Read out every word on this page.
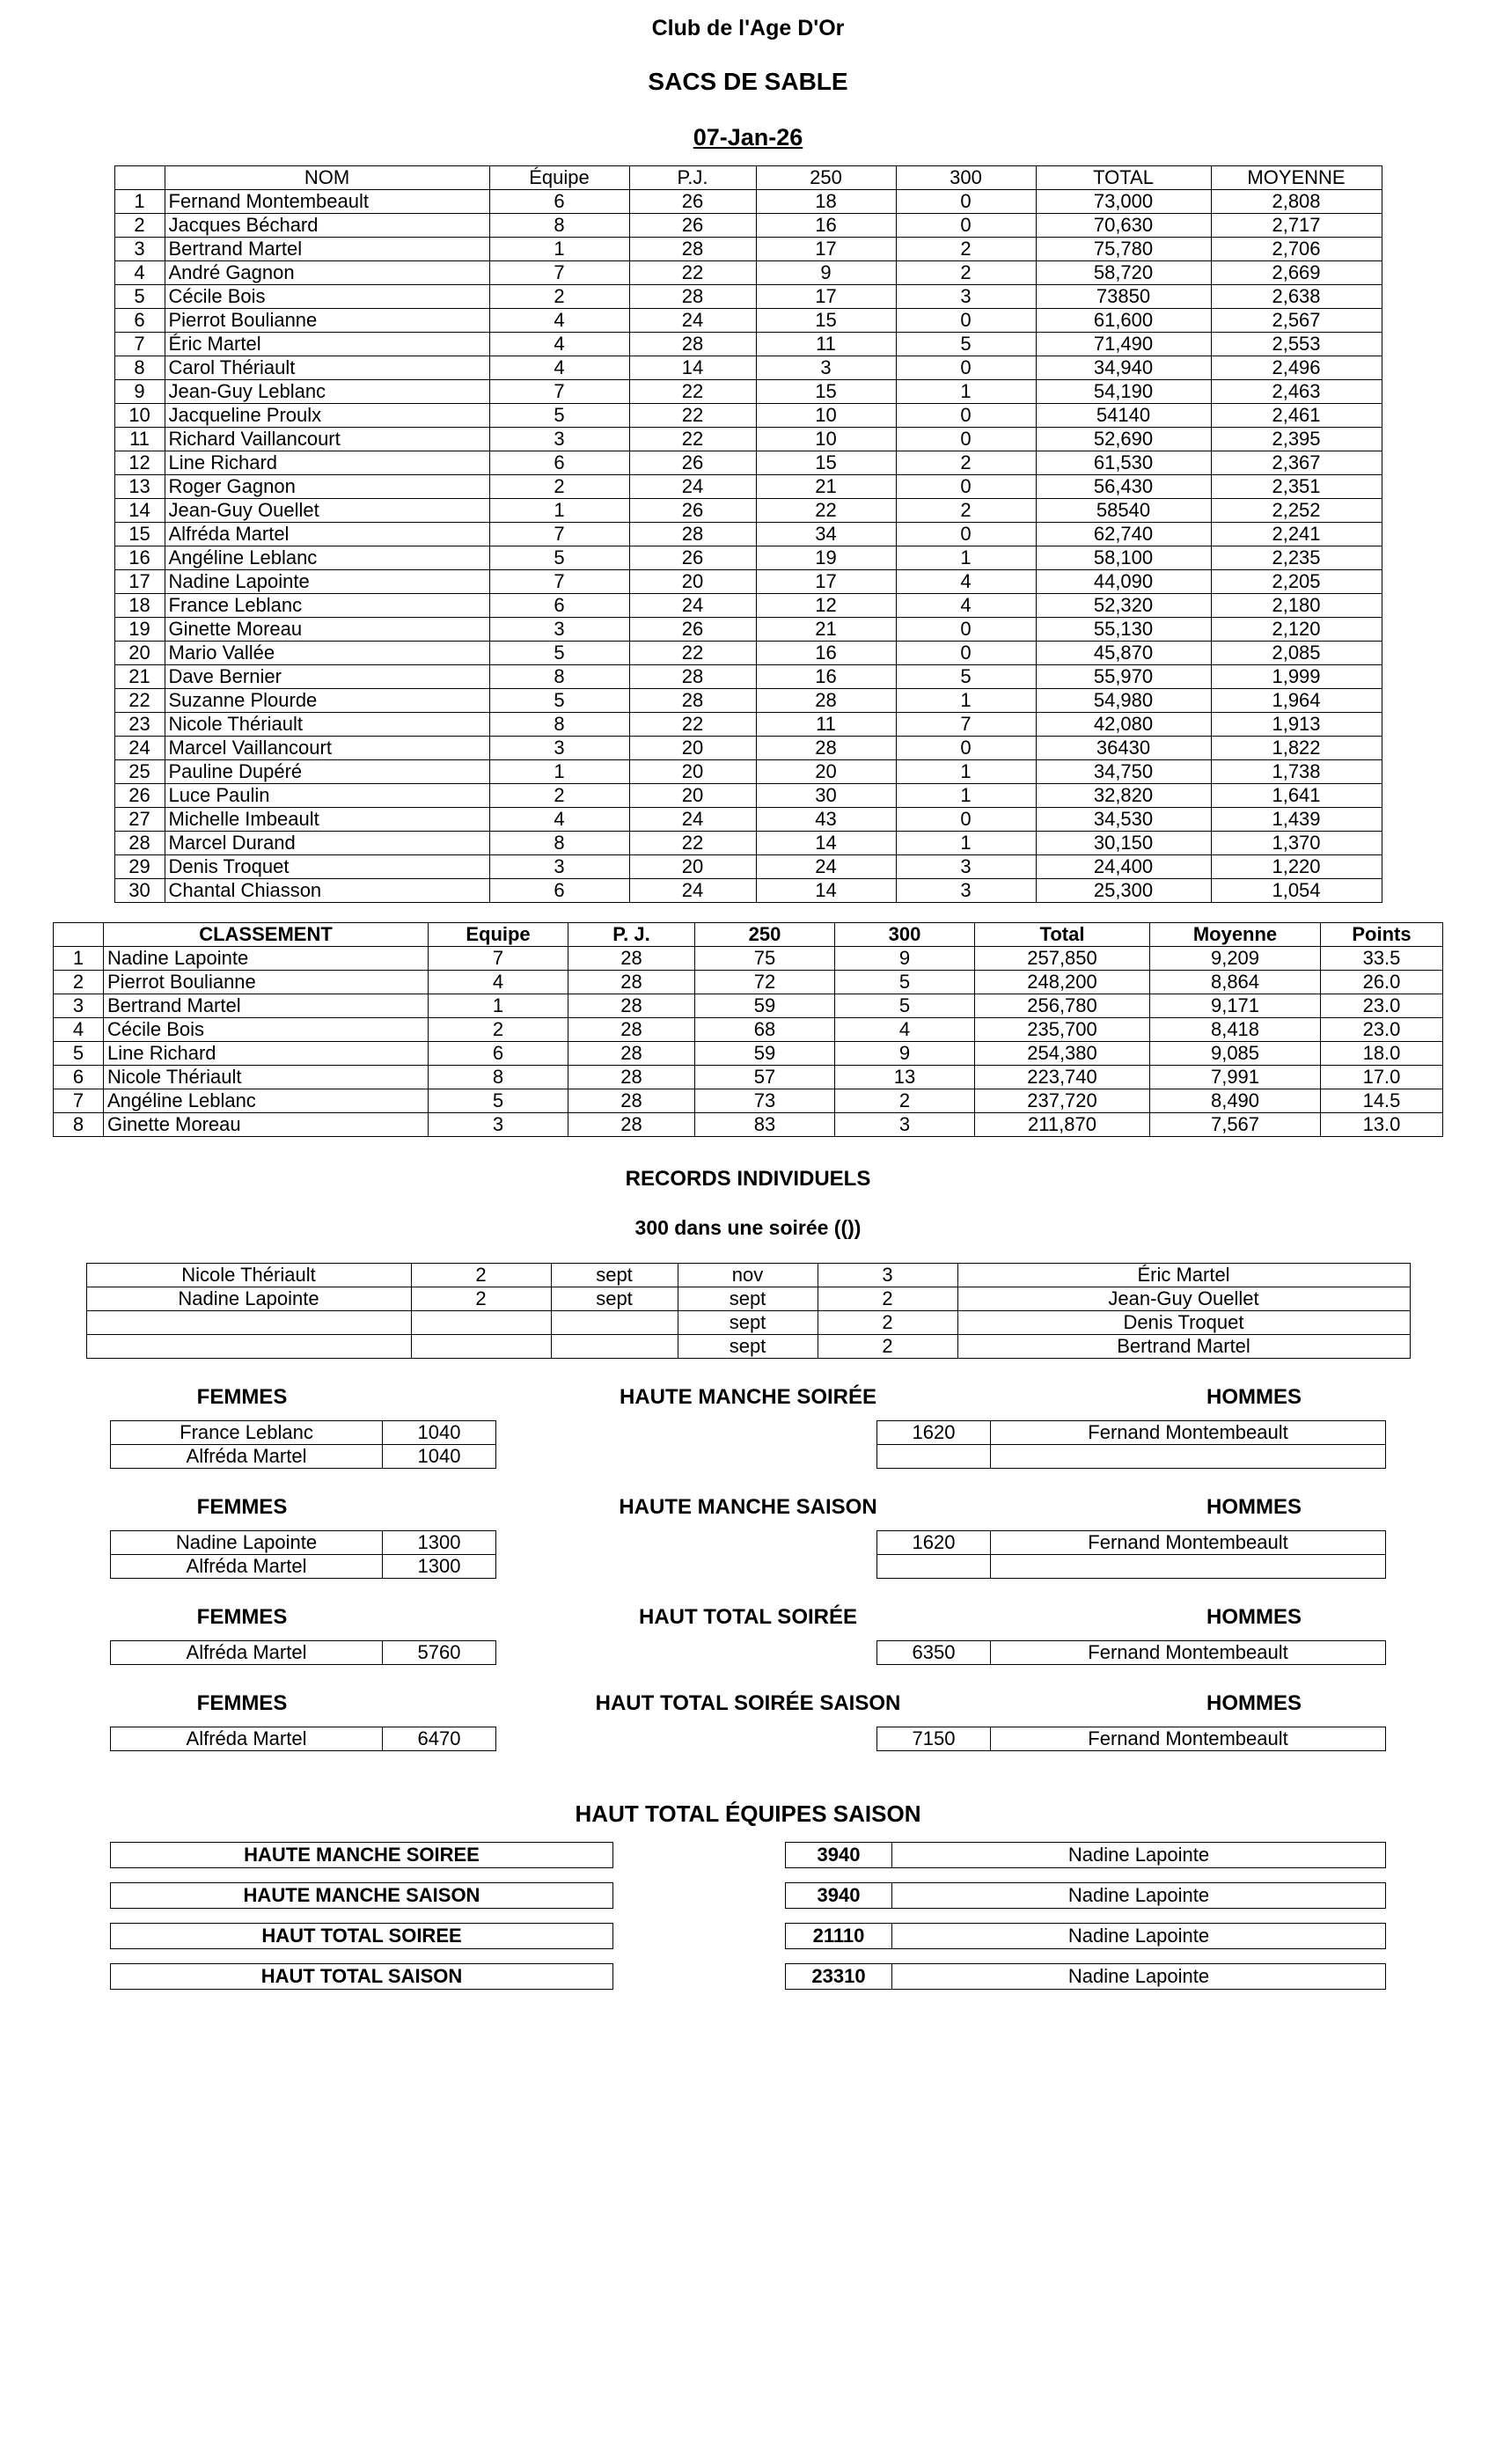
Club de l'Age D'Or
SACS DE SABLE
07-Jan-26
	NOM	Équipe	P.J.	250	300	TOTAL	MOYENNE
1	Fernand Montembeault	6	26	18	0	73,000	2,808
2	Jacques Béchard	8	26	16	0	70,630	2,717
3	Bertrand Martel	1	28	17	2	75,780	2,706
4	André Gagnon	7	22	9	2	58,720	2,669
5	Cécile Bois	2	28	17	3	73850	2,638
6	Pierrot Boulianne	4	24	15	0	61,600	2,567
7	Éric Martel	4	28	11	5	71,490	2,553
8	Carol Thériault	4	14	3	0	34,940	2,496
9	Jean-Guy Leblanc	7	22	15	1	54,190	2,463
10	Jacqueline Proulx	5	22	10	0	54140	2,461
11	Richard Vaillancourt	3	22	10	0	52,690	2,395
12	Line Richard	6	26	15	2	61,530	2,367
13	Roger Gagnon	2	24	21	0	56,430	2,351
14	Jean-Guy Ouellet	1	26	22	2	58540	2,252
15	Alfréda Martel	7	28	34	0	62,740	2,241
16	Angéline Leblanc	5	26	19	1	58,100	2,235
17	Nadine Lapointe	7	20	17	4	44,090	2,205
18	France Leblanc	6	24	12	4	52,320	2,180
19	Ginette Moreau	3	26	21	0	55,130	2,120
20	Mario Vallée	5	22	16	0	45,870	2,085
21	Dave Bernier	8	28	16	5	55,970	1,999
22	Suzanne Plourde	5	28	28	1	54,980	1,964
23	Nicole Thériault	8	22	11	7	42,080	1,913
24	Marcel Vaillancourt	3	20	28	0	36430	1,822
25	Pauline Dupéré	1	20	20	1	34,750	1,738
26	Luce Paulin	2	20	30	1	32,820	1,641
27	Michelle Imbeault	4	24	43	0	34,530	1,439
28	Marcel Durand	8	22	14	1	30,150	1,370
29	Denis Troquet	3	20	24	3	24,400	1,220
30	Chantal Chiasson	6	24	14	3	25,300	1,054
	CLASSEMENT	Equipe	P. J.	250	300	Total	Moyenne	Points
1	Nadine Lapointe	7	28	75	9	257,850	9,209	33.5
2	Pierrot Boulianne	4	28	72	5	248,200	8,864	26.0
3	Bertrand Martel	1	28	59	5	256,780	9,171	23.0
4	Cécile Bois	2	28	68	4	235,700	8,418	23.0
5	Line Richard	6	28	59	9	254,380	9,085	18.0
6	Nicole Thériault	8	28	57	13	223,740	7,991	17.0
7	Angéline Leblanc	5	28	73	2	237,720	8,490	14.5
8	Ginette Moreau	3	28	83	3	211,870	7,567	13.0
RECORDS INDIVIDUELS
300 dans une soirée (())
Nicole Thériault	2	sept	nov	3	Éric Martel
Nadine Lapointe	2	sept	sept	2	Jean-Guy Ouellet
			sept	2	Denis Troquet
			sept	2	Bertrand Martel
FEMMES	HAUTE MANCHE SOIRÉE	HOMMES
France Leblanc	1040
Alfréda Martel	1040
1620	Fernand Montembeault

FEMMES	HAUTE MANCHE SAISON	HOMMES
Nadine Lapointe	1300
Alfréda Martel	1300
1620	Fernand Montembeault

FEMMES	HAUT TOTAL SOIRÉE	HOMMES
Alfréda Martel	5760	6350	Fernand Montembeault
FEMMES	HAUT TOTAL SOIRÉE SAISON	HOMMES
Alfréda Martel	6470	7150	Fernand Montembeault
HAUT TOTAL ÉQUIPES SAISON
HAUTE MANCHE SOIREE	3940	Nadine Lapointe
HAUTE MANCHE SAISON	3940	Nadine Lapointe
HAUT TOTAL SOIREE	21110	Nadine Lapointe
HAUT TOTAL SAISON	23310	Nadine Lapointe
